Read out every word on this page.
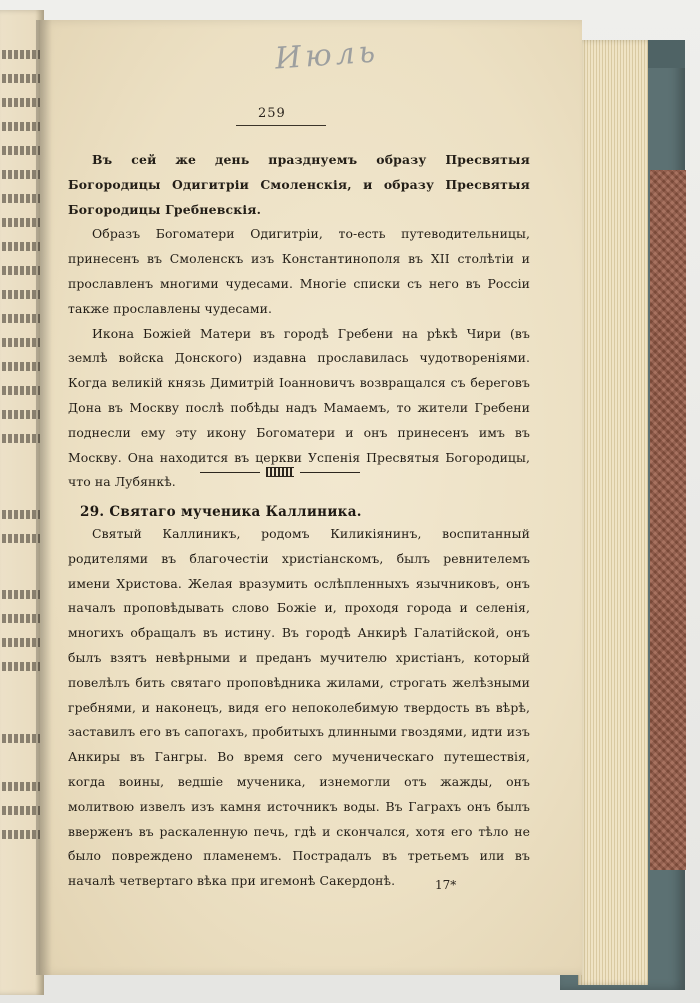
Июль
259
Въ сей же день празднуемъ образу Пресвятыя Богородицы Одигитріи Смоленскія, и образу Пресвятыя Богородицы Гребневскія.

Образъ Богоматери Одигитріи, то-есть путеводительницы, принесенъ въ Смоленскъ изъ Константинополя въ XII столѣтіи и прославленъ многими чудесами. Многіе списки съ него въ Россіи также прославлены чудесами.

Икона Божіей Матери въ городѣ Гребени на рѣкѣ Чири (въ землѣ войска Донского) издавна прославилась чудотвореніями. Когда великій князь Димитрій Іоанновичъ возвращался съ береговъ Дона въ Москву послѣ побѣды надъ Мамаемъ, то жители Гребени поднесли ему эту икону Богоматери и онъ принесенъ имъ въ Москву. Она находится въ церкви Успенія Пресвятыя Богородицы, что на Лубянкѣ.

29. Святаго мученика Каллиника.

Святый Каллиникъ, родомъ Киликіянинъ, воспитанный родителями въ благочестіи христіанскомъ, былъ ревнителемъ имени Христова. Желая вразумить ослѣпленныхъ язычниковъ, онъ началъ проповѣдывать слово Божіе и, проходя города и селенія, многихъ обращалъ въ истину. Въ городѣ Анкирѣ Галатійской, онъ былъ взятъ невѣрными и преданъ мучителю христіанъ, который повелѣлъ бить святаго проповѣдника жилами, строгать желѣзными гребнями, и наконецъ, видя его непоколебимую твердость въ вѣрѣ, заставилъ его въ сапогахъ, пробитыхъ длинными гвоздями, идти изъ Анкиры въ Гангры. Во время сего мученическаго путешествія, когда воины, ведшіе мученика, изнемогли отъ жажды, онъ молитвою извелъ изъ камня источникъ воды. Въ Гаграхъ онъ былъ вверженъ въ раскаленную печь, гдѣ и скончался, хотя его тѣло не было повреждено пламенемъ. Пострадалъ въ третьемъ или въ началѣ четвертаго вѣка при игемонѣ Сакердонѣ.	17*
